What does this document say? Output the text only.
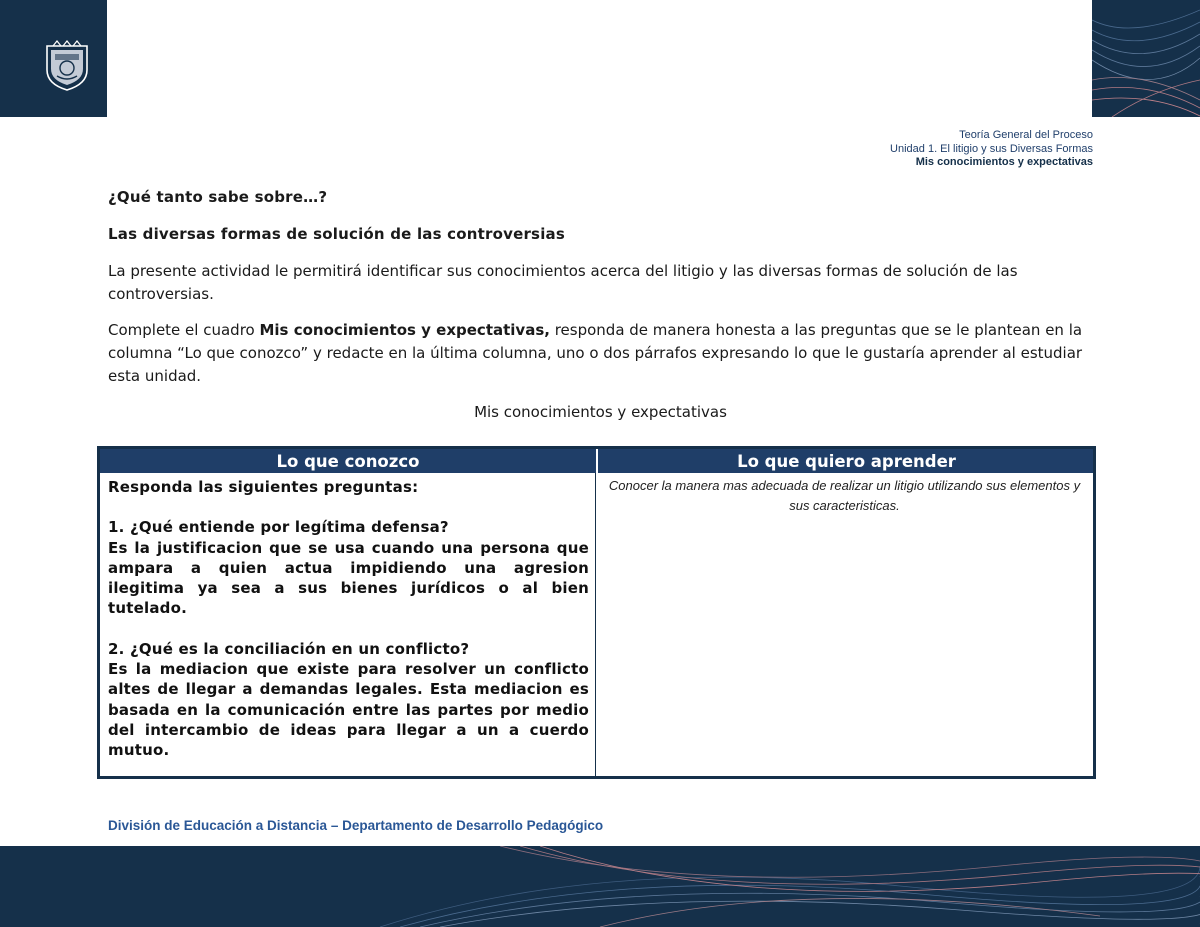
Teoría General del Proceso
Unidad 1. El litigio y sus Diversas Formas
Mis conocimientos y expectativas
¿Qué tanto sabe sobre…?
Las diversas formas de solución de las controversias
La presente actividad le permitirá identificar sus conocimientos acerca del litigio y las diversas formas de solución de las controversias.
Complete el cuadro Mis conocimientos y expectativas, responda de manera honesta a las preguntas que se le plantean en la columna “Lo que conozco” y redacte en la última columna, uno o dos párrafos expresando lo que le gustaría aprender al estudiar esta unidad.
Mis conocimientos y expectativas
Lo que conozco	Lo que quiero aprender
Responda las siguientes preguntas:
1. ¿Qué entiende por legítima defensa?
Es la justificacion que se usa cuando una persona que ampara a quien actua impidiendo una agresion ilegitima ya sea a sus bienes jurídicos o al bien tutelado.
2. ¿Qué es la conciliación en un conflicto?
Es la mediacion que existe para resolver un conflicto altes de llegar a demandas legales. Esta mediacion es basada en la comunicación entre las partes por medio del intercambio de ideas para llegar a un a cuerdo mutuo.
Conocer la manera mas adecuada de realizar un litigio utilizando sus elementos y sus caracteristicas.
División de Educación a Distancia – Departamento de Desarrollo Pedagógico
